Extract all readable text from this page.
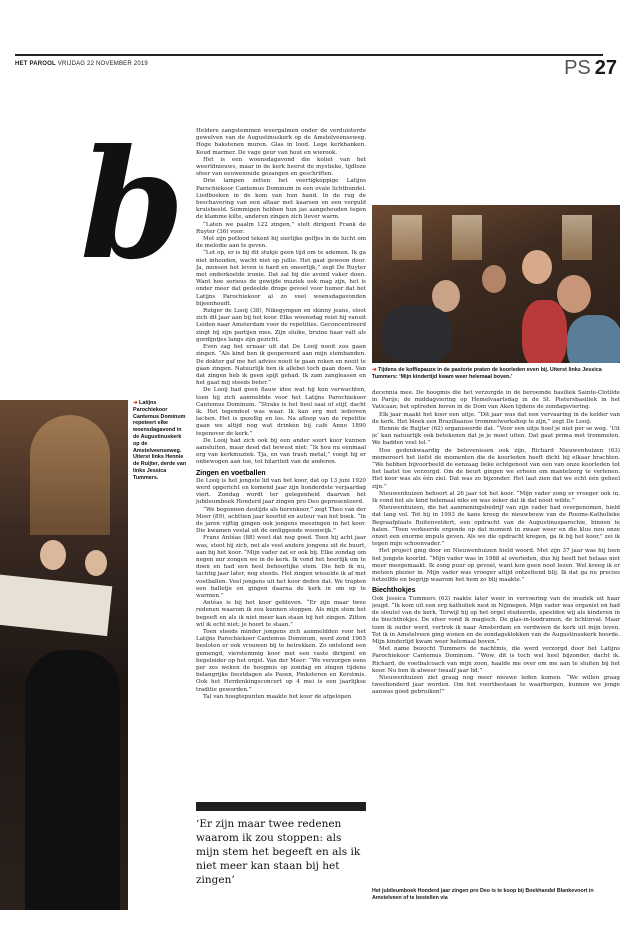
HET PAROOL VRIJDAG 22 NOVEMBER 2019	PS 27
b
➔ Latijns Parochiekoor Cantemus Dominum repeteert elke woensdagavond in de Augustinuskerk op de Amstelveenseweg. Uiterst links Hennie de Ruijter, derde van links Jessica Tummers.

Heldere zangstemmen weergalmen onder de verduisterde gewelven van de Augustinuskerk op de Amstelveenseweg. Hoge bakstenen muren. Glas in lood. Lege kerkbanken. Koud marmer. De vage geur van hout en wierook.

Het is een woensdagavond die koliet van het weerldnieuws, maar in de kerk heerst de mystieke, tijdloze sfeer van eeuwenoude gezangen en geschriften.

Drie lampen zetten het veertigkoppige Latijns Parochiekoor Cantemus Dominum in een ovale lichtbundel. Liedboeken in de kom van hun hand. In de rug de beschavering van een altaar met kaarsen en een verguld kruisbeeld. Sommigen hebben hun jas aangehouden tegen de klamme kilte, anderen zingen zich liever warm.

“Laten we paalm 122 zingen,” stelt dirigent Frank de Ruyter (36) voor.

Met zijn potlood tekent hij sierlijke golfjes in de lucht om de melodie aan te geven.

“Let op, er is bij dit stukje geen tijd om te ademen. Ik ga niet inhouden, wacht niet op jullie. Het gaat gewoon door. Ja, mensen het leven is hard en oneerlijk,” zegt De Ruyter met onderkoelde ironie. Dat zal hij die avond vaker doen. Want hoe serieus de gewijde muziek ook mag zijn, het is onder meer dat gedeelde droge gevoel voor humor dat het Latijns Parochiekoor al zo veel woensdagavonden bijeenhoudt.

Rutger de Looij (38), Nikegympen en skinny jeans, sloot zich dit jaar aan bij het koor. Elke woensdag reist hij vanuit Leiden naar Amsterdam voor de repetities. Geconcentreerd zingt hij zijn partijen mee. Zijn sluike, bruine haar valt als gordijntjes langs zijn gezicht.

Even zag het ernaar uit dat De Looij nooit zou gaan zingen. “Als kind ben ik geopereerd aan mijn stembanden. De dokter gaf me het advies nooit te gaan roken en nooit te gaan zingen. Natuurlijk ben ik allebei toch gaan doen. Van dat zingen heb ik geen spijt gehad. Ik zam zangleasen en het gaat mij steeds beter.”

De Looij had geen flauw idee wat hij kon verwachten, toen hij zich aanmeldde voor het Latijns Parochiekoor Cantemus Dominum. “Straks is het heel saai of stijf, dacht ik. Het tegendeel was waar. Ik kan erg met iedereen lachen. Het is gezellig en los. Na afloop van de repetitie gaan we altijd nog wat drinken bij café Anno 1890 tegenover de kerk.”

De Looij had zich ook bij een ander soort koor kunnen aansluiten, maar deed dat bewust niet: “Ik hou nu eenmaal erg van kerkmuziek. Tja, en van trash metal,” voegt hij er onbewogen aan toe, tot hilariteit van de anderen.

Zingen en voetballen

De Looij is het jongste lid van het koor, dat op 13 juni 1920 werd opgericht en komend jaar zijn honderdste verjaardag viert. Zondag wordt ter gelegenheid daarvan het jubileumboek Honderd jaar zingen pro Deo gepresenteerd.

“We begonnen destijds als herenkoor,” zegt Theo van der Meer (89), achttien jaar koorlid en auteur van het boek. “In de jaren vijftig gingen ook jongens meezingen in het koor. Die kwamen veelal uit de omliggende woonwijk.”

Frans Antéas (88) weet dat nog goed. Toen hij acht jaar was, stoot hij zich, net als veel andere jongens uit de buurt, aan bij het koor. “Mijn vader zat er ook bij. Elke zondag om negen uur zongen we in de kerk. Ik vond het heerlijk om te doen en had een heel behoorlijke stem. Die heb ik nu, tachtig jaar later, nog steeds. Het zingen wisselde ik af met voetballen. Veel jongens uit het koor deden dat. We trapten een balletje en gingen daarna de kerk in om op te warmen.”

Antéas is bij het koor gebleven. “Er zijn maar twee redenen waarom ik zou kunnen stoppen. Als mijn stem het begeeft en als ik niet meer kan staan bij het zingen. Zitten wil ik echt niet; je hoort te staan.”

Toen steeds minder jongens zich aanmeldden voor het Latijns Parochiekoor Cantemus Dominum, werd zond 1965 besloten er ook vrouwen bij te betrekken. Zo ontstond een gemengd, vierstemmig koor met een vaste dirigent en begeleider op het orgel. Van der Meer: “We verzorgen eens per zes weken de hoogmis op zondag en zingen tijdens belangrijke feestdagen als Pasen, Pinksteren en Kerstmis. Ook het Herdenkingsconcert op 4 mei is een jaarlijkse traditie geworden.”

Tal van hoogtepunten maakte het koor de afgelopen

‘Er zijn maar twee redenen waarom ik zou stoppen: als mijn stem het begeeft en als ik niet meer kan staan bij het zingen’
➔ Tijdens de koffiepauze in de pastorie praten de koorleden even bij. Uiterst links Jessica Tummers: ‘Mijn kindertijd kwam weer helemaal boven.’

decennia mee. De hoogmis die het verzorgde in de beroemde basiliek Sainte-Clotilde in Parijs; de middagviering op Hemelvaartsdag in de St. Pietersbasiliek in het Vaticaan; het optreden boven in de Dom van Aken tijdens de zondagsviering.

Elk jaar maakt het koor een uitje. “Dit jaar was dat een vervaaring in de kelder van de kerk. Het bleek een Braziliaanse trommelworkshop te zijn,” zegt De Looij.

Hennie de Ruijter (62) organiseerde dat. “Voor een uitje hoef je niet per se weg. ‘Uit je’ kan natuurlijk ook betekenen dat je je moet uiten. Dat gaat prima met trommelen. We hadden veel lol.”

Hoe gedenkwaardig de belevenissen ook zijn, Richard Nieuwenhuizen (63) memoreert het liefst de momenten die de koorleden heeft dicht bij elkaar brachten. “We hebben bijvoorbeeld de eenzaag lieke echtgenoot van een van onze koorleden tot het laatst toe verzorgd. Om de beurt gingen we erheen om mantelzorg te verlenen. Het koor was als één ziel. Dat was zo bijzonder. Het laat zien dat we echt één geheel zijn.”

Nieuwenhuizen behoort al 26 jaar tot het koor. “Mijn vader zong er vroeger ook in. Ik vond het als kind helemaal niks en was zeker dat ik dat nóoit wilde.”

Nieuwenhuizen, die het aanmeningsbedrijf van zijn vader had overgenomen, hield dat lang vol. Tot hij in 1993 de kans kreeg de nieuwbouw van de Rooms-Katholieke Begraafplaats Buitenveldert, een opdracht van de Augustinusparochie, binnen te halen. “Toen verkeerde ergende op dat moment in zwaar weer en die klus nou onze onzet een enorme impuls geven. Als we die opdracht kregen, ga ik bij het koor,” zei ik tegen mijn schoonvader.”

Het project ging door en Nieuwenhuizen hield woord. Met zijn 37 jaar was hij toen het jongste koorlid. “Mijn vader was in 1988 al overleden, dus hij heeft het helaas niet meer meegemaakt. Ik zong puur op gevoel, want kon geen noot lezen. Wel kreeg ik er meteen plezier in. Mijn vader was vroeger altijd ontzettend blij. Ik dat ga nu precies hetzelfde en begrijp waarom het hem zo blij maakte.”

Biechthokjes

Ook Jessica Tummers (62) raakte later weer in vervoering van de muziek uit haar jeugd. “Ik kom uit een erg katholiek nest in Nijmegen. Mijn vader was organist en had de sleutel van de kerk. Terwijl hij op het orgel studeerde, speelden wij als kinderen in de biechthokjes. De sfeer vond ik magisch. De glas-in-loodramen, de lichtinval. Maar toen ik ouder werd, vertrok ik naar Amsterdam en verdween de kerk uit mijn leven. Tot ik in Amstelveen ging wonen en de zondagsklokken van de Augustinuskerk hoorde. Mijn kinderlijd kwam weer helemaal boven.”

Met name bezocht Tummers de nachtmis, die werd verzorgd door het Latijns Parochiekoor Cantemus Dominum. “Wow, dit is toch wel heel bijzonder, dacht ik. Richard, de voetbalcoach van mijn zoon, haalde me over om me aan te sluiten bij het koor. Nu ben ik alweer twaalf jaar lid.”

Nieuwenhuizen ziet graag nog meer nieuwe leden komen. “We willen graag tweehonderd jaar worden. Om het voortbestaan te waarborgen, kunnen we jonge aanwas goed gebruiken!”

Het jubileumboek Honderd jaar zingen pro Deo is te koop bij Boekhandel Blankevoort in Amstelveen of te bestellen via
